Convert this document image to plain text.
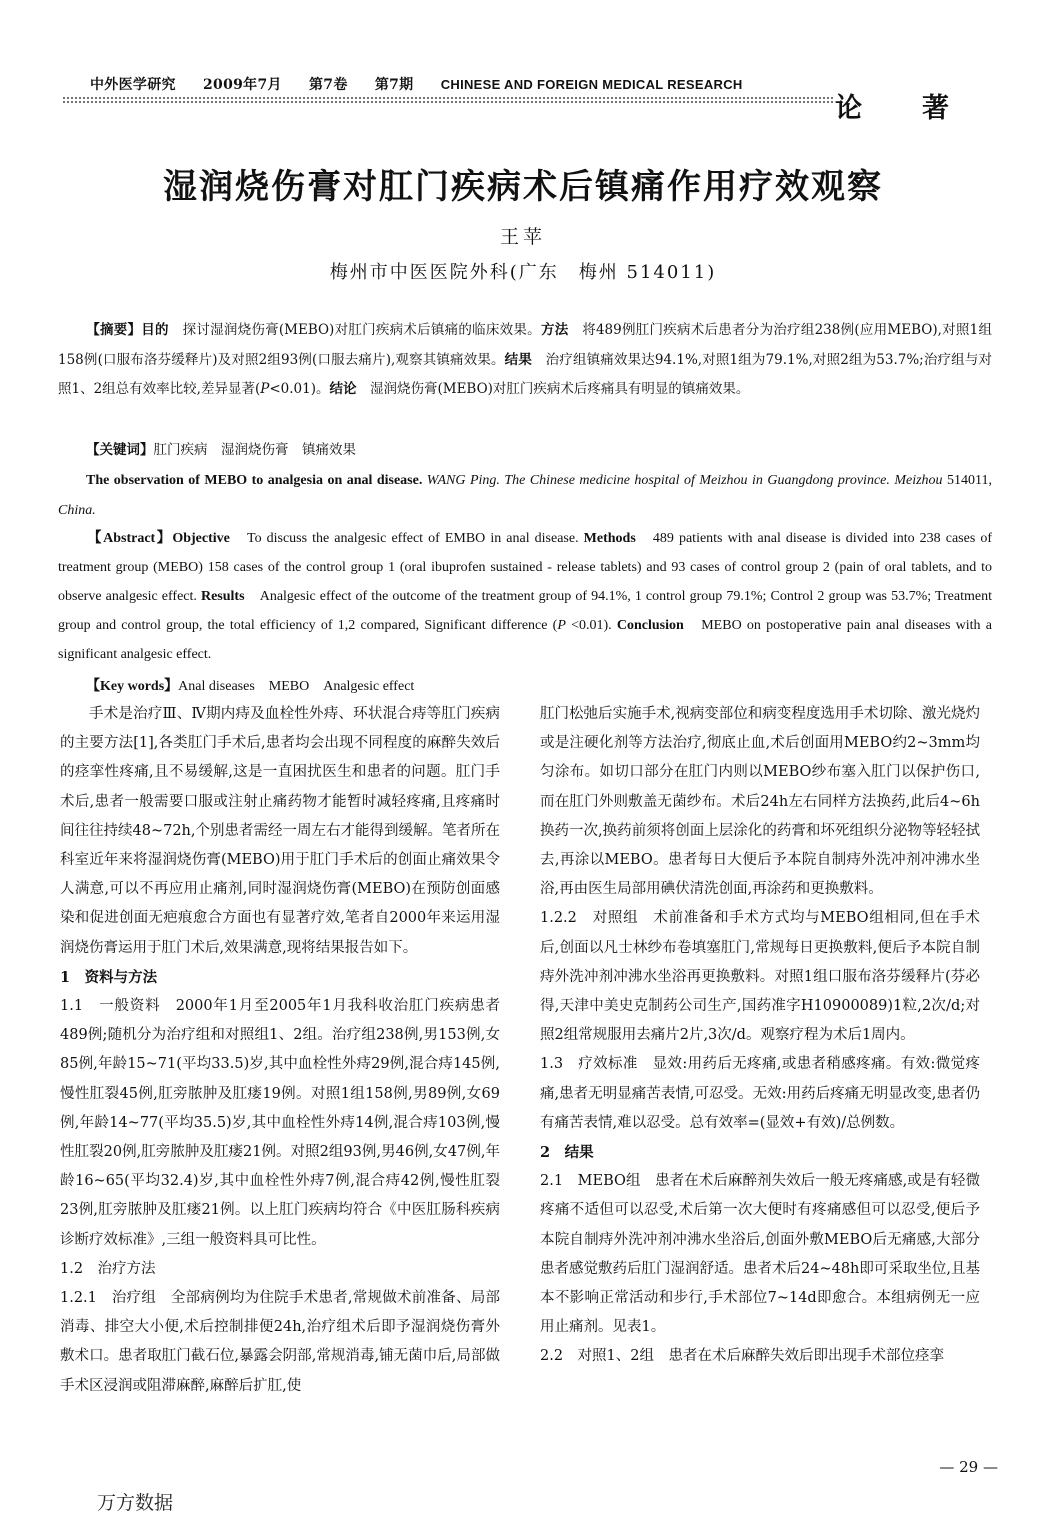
中外医学研究 2009年7月 第7卷 第7期 CHINESE AND FOREIGN MEDICAL RESEARCH
论著
湿润烧伤膏对肛门疾病术后镇痛作用疗效观察
王苹
梅州市中医医院外科(广东　梅州 514011)
【摘要】目的　探讨湿润烧伤膏(MEBO)对肛门疾病术后镇痛的临床效果。方法　将489例肛门疾病术后患者分为治疗组238例(应用MEBO),对照1组158例(口服布洛芬缓释片)及对照2组93例(口服去痛片),观察其镇痛效果。结果　治疗组镇痛效果达94.1%,对照1组为79.1%,对照2组为53.7%;治疗组与对照1、2组总有效率比较,差异显著(P<0.01)。结论　湿润烧伤膏(MEBO)对肛门疾病术后疼痛具有明显的镇痛效果。
【关键词】肛门疾病　湿润烧伤膏　镇痛效果
The observation of MEBO to analgesia on anal disease. WANG Ping. The Chinese medicine hospital of Meizhou in Guangdong province. Meizhou 514011, China.
【Abstract】Objective　To discuss the analgesic effect of EMBO in anal disease. Methods　489 patients with anal disease is divided into 238 cases of treatment group (MEBO) 158 cases of the control group 1 (oral ibuprofen sustained - release tablets) and 93 cases of control group 2 (pain of oral tablets, and to observe analgesic effect. Results　Analgesic effect of the outcome of the treatment group of 94.1%, 1 control group 79.1%; Control 2 group was 53.7%; Treatment group and control group, the total efficiency of 1,2 compared, Significant difference (P <0.01). Conclusion　MEBO on postoperative pain anal diseases with a significant analgesic effect.
【Key words】Anal diseases　MEBO　Analgesic effect

手术是治疗Ⅲ、Ⅳ期内痔及血栓性外痔、环状混合痔等肛门疾病的主要方法[1],各类肛门手术后,患者均会出现不同程度的麻醉失效后的痉挛性疼痛,且不易缓解,这是一直困扰医生和患者的问题。肛门手术后,患者一般需要口服或注射止痛药物才能暂时减轻疼痛,且疼痛时间往往持续48~72h,个别患者需经一周左右才能得到缓解。笔者所在科室近年来将湿润烧伤膏(MEBO)用于肛门手术后的创面止痛效果令人满意,可以不再应用止痛剂,同时湿润烧伤膏(MEBO)在预防创面感染和促进创面无疤痕愈合方面也有显著疗效,笔者自2000年来运用湿润烧伤膏运用于肛门术后,效果满意,现将结果报告如下。

1　资料与方法

1.1　一般资料　2000年1月至2005年1月我科收治肛门疾病患者489例;随机分为治疗组和对照组1、2组。治疗组238例,男153例,女85例,年龄15~71(平均33.5)岁,其中血栓性外痔29例,混合痔145例,慢性肛裂45例,肛旁脓肿及肛瘘19例。对照1组158例,男89例,女69例,年龄14~77(平均35.5)岁,其中血栓性外痔14例,混合痔103例,慢性肛裂20例,肛旁脓肿及肛瘘21例。对照2组93例,男46例,女47例,年龄16~65(平均32.4)岁,其中血栓性外痔7例,混合痔42例,慢性肛裂23例,肛旁脓肿及肛瘘21例。以上肛门疾病均符合《中医肛肠科疾病诊断疗效标准》,三组一般资料具可比性。

1.2　治疗方法

1.2.1　治疗组　全部病例均为住院手术患者,常规做术前准备、局部消毒、排空大小便,术后控制排便24h,治疗组术后即予湿润烧伤膏外敷术口。患者取肛门截石位,暴露会阴部,常规消毒,铺无菌巾后,局部做手术区浸润或阻滞麻醉,麻醉后扩肛,使

肛门松弛后实施手术,视病变部位和病变程度选用手术切除、激光烧灼或是注硬化剂等方法治疗,彻底止血,术后创面用MEBO约2~3mm均匀涂布。如切口部分在肛门内则以MEBO纱布塞入肛门以保护伤口,而在肛门外则敷盖无菌纱布。术后24h左右同样方法换药,此后4~6h换药一次,换药前须将创面上层涂化的药膏和坏死组织分泌物等轻轻拭去,再涂以MEBO。患者每日大便后予本院自制痔外洗冲剂冲沸水坐浴,再由医生局部用碘伏清洗创面,再涂药和更换敷料。

1.2.2　对照组　术前准备和手术方式均与MEBO组相同,但在手术后,创面以凡士林纱布卷填塞肛门,常规每日更换敷料,便后予本院自制痔外洗冲剂冲沸水坐浴再更换敷料。对照1组口服布洛芬缓释片(芬必得,天津中美史克制药公司生产,国药准字H10900089)1粒,2次/d;对照2组常规服用去痛片2片,3次/d。观察疗程为术后1周内。

1.3　疗效标准　显效:用药后无疼痛,或患者稍感疼痛。有效:微觉疼痛,患者无明显痛苦表情,可忍受。无效:用药后疼痛无明显改变,患者仍有痛苦表情,难以忍受。总有效率=(显效+有效)/总例数。

2　结果

2.1　MEBO组　患者在术后麻醉剂失效后一般无疼痛感,或是有轻微疼痛不适但可以忍受,术后第一次大便时有疼痛感但可以忍受,便后予本院自制痔外洗冲剂冲沸水坐浴后,创面外敷MEBO后无痛感,大部分患者感觉敷药后肛门湿润舒适。患者术后24~48h即可采取坐位,且基本不影响正常活动和步行,手术部位7~14d即愈合。本组病例无一应用止痛剂。见表1。

2.2　对照1、2组　患者在术后麻醉失效后即出现手术部位痉挛

— 29 —
万方数据
